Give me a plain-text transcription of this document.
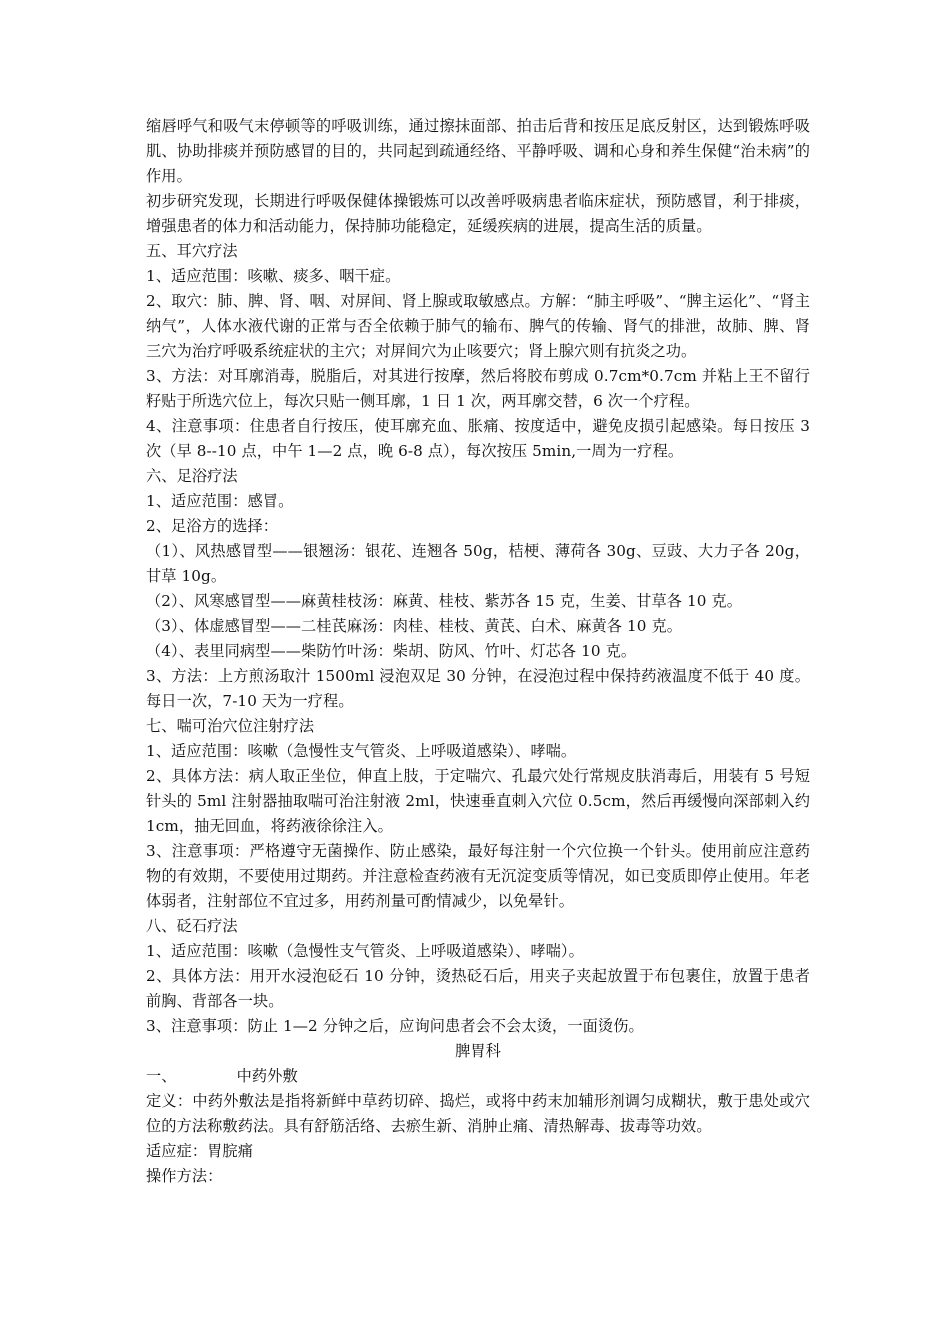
缩唇呼气和吸气末停顿等的呼吸训练，通过擦抹面部、拍击后背和按压足底反射区，达到锻炼呼吸肌、协助排痰并预防感冒的目的，共同起到疏通经络、平静呼吸、调和心身和养生保健“治未病”的作用。

初步研究发现，长期进行呼吸保健体操锻炼可以改善呼吸病患者临床症状，预防感冒，利于排痰，增强患者的体力和活动能力，保持肺功能稳定，延缓疾病的进展，提高生活的质量。

五、耳穴疗法

1、适应范围：咳嗽、痰多、咽干症。

2、取穴：肺、脾、肾、咽、对屏间、肾上腺或取敏感点。方解：“肺主呼吸”、“脾主运化”、“肾主纳气”，人体水液代谢的正常与否全依赖于肺气的输布、脾气的传输、肾气的排泄，故肺、脾、肾三穴为治疗呼吸系统症状的主穴；对屏间穴为止咳要穴；肾上腺穴则有抗炎之功。

3、方法：对耳廓消毒，脱脂后，对其进行按摩，然后将胶布剪成 0.7cm*0.7cm 并粘上王不留行籽贴于所选穴位上，每次只贴一侧耳廓，1 日 1 次，两耳廓交替，6 次一个疗程。

4、注意事项：住患者自行按压，使耳廓充血、胀痛、按度适中，避免皮损引起感染。每日按压 3 次（早 8--10 点，中午 1—2 点，晚 6-8 点），每次按压 5min,一周为一疗程。

六、足浴疗法

1、适应范围：感冒。

2、足浴方的选择：

（1）、风热感冒型——银翘汤：银花、连翘各 50g，桔梗、薄荷各 30g、豆豉、大力子各 20g，甘草 10g。

（2）、风寒感冒型——麻黄桂枝汤：麻黄、桂枝、紫苏各 15 克，生姜、甘草各 10 克。

（3）、体虚感冒型——二桂芪麻汤：肉桂、桂枝、黄芪、白术、麻黄各 10 克。

（4）、表里同病型——柴防竹叶汤：柴胡、防风、竹叶、灯芯各 10 克。

3、方法：上方煎汤取汁 1500ml 浸泡双足 30 分钟，在浸泡过程中保持药液温度不低于 40 度。每日一次，7-10 天为一疗程。

七、喘可治穴位注射疗法

1、适应范围：咳嗽（急慢性支气管炎、上呼吸道感染）、哮喘。

2、具体方法：病人取正坐位，伸直上肢，于定喘穴、孔最穴处行常规皮肤消毒后，用装有 5 号短针头的 5ml 注射器抽取喘可治注射液 2ml，快速垂直刺入穴位 0.5cm，然后再缓慢向深部刺入约 1cm，抽无回血，将药液徐徐注入。

3、注意事项：严格遵守无菌操作、防止感染，最好每注射一个穴位换一个针头。使用前应注意药物的有效期，不要使用过期药。并注意检查药液有无沉淀变质等情况，如已变质即停止使用。年老体弱者，注射部位不宜过多，用药剂量可酌情减少，以免晕针。

八、砭石疗法

1、适应范围：咳嗽（急慢性支气管炎、上呼吸道感染）、哮喘）。

2、具体方法：用开水浸泡砭石 10 分钟，烫热砭石后，用夹子夹起放置于布包裹住，放置于患者前胸、背部各一块。

3、注意事项：防止 1—2 分钟之后，应询问患者会不会太烫，一面烫伤。

脾胃科

一、	中药外敷

定义：中药外敷法是指将新鲜中草药切碎、捣烂，或将中药末加辅形剂调匀成糊状，敷于患处或穴位的方法称敷药法。具有舒筋活络、去瘀生新、消肿止痛、清热解毒、拔毒等功效。

适应症：胃脘痛

操作方法：
